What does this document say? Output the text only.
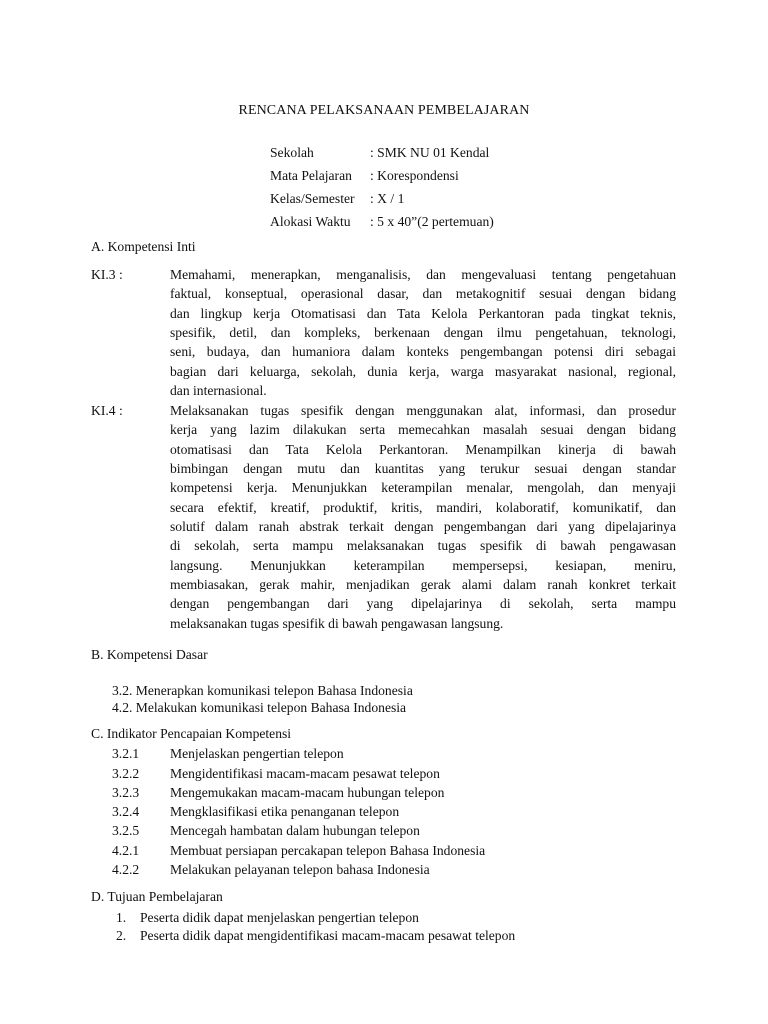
RENCANA PELAKSANAAN PEMBELAJARAN
Sekolah	: SMK NU 01 Kendal
Mata Pelajaran : Korespondensi
Kelas/Semester : X / 1
Alokasi Waktu : 5 x 40”(2 pertemuan)
A. Kompetensi Inti
KI.3 :	Memahami, menerapkan, menganalisis, dan mengevaluasi tentang pengetahuan
faktual, konseptual, operasional dasar, dan metakognitif sesuai dengan bidang
dan lingkup kerja Otomatisasi dan Tata Kelola Perkantoran pada tingkat teknis,
spesifik, detil, dan kompleks, berkenaan dengan ilmu pengetahuan, teknologi,
seni, budaya, dan humaniora dalam konteks pengembangan potensi diri sebagai
bagian dari keluarga, sekolah, dunia kerja, warga masyarakat nasional, regional,
dan internasional.
KI.4 :	Melaksanakan tugas spesifik dengan menggunakan alat, informasi, dan prosedur
kerja yang lazim dilakukan serta memecahkan masalah sesuai dengan bidang
otomatisasi dan Tata Kelola Perkantoran. Menampilkan kinerja di bawah
bimbingan dengan mutu dan kuantitas yang terukur sesuai dengan standar
kompetensi kerja. Menunjukkan keterampilan menalar, mengolah, dan menyaji
secara efektif, kreatif, produktif, kritis, mandiri, kolaboratif, komunikatif, dan
solutif dalam ranah abstrak terkait dengan pengembangan dari yang dipelajarinya
di sekolah, serta mampu melaksanakan tugas spesifik di bawah pengawasan
langsung. Menunjukkan keterampilan mempersepsi, kesiapan, meniru,
membiasakan, gerak mahir, menjadikan gerak alami dalam ranah konkret terkait
dengan pengembangan dari yang dipelajarinya di sekolah, serta mampu
melaksanakan tugas spesifik di bawah pengawasan langsung.
B. Kompetensi Dasar
3.2. Menerapkan komunikasi telepon Bahasa Indonesia
4.2. Melakukan komunikasi telepon Bahasa Indonesia
C. Indikator Pencapaian Kompetensi
3.2.1 Menjelaskan pengertian telepon
3.2.2 Mengidentifikasi macam-macam pesawat telepon
3.2.3 Mengemukakan macam-macam hubungan telepon
3.2.4 Mengklasifikasi etika penanganan telepon
3.2.5 Mencegah hambatan dalam hubungan telepon
4.2.1 Membuat persiapan percakapan telepon Bahasa Indonesia
4.2.2 Melakukan pelayanan telepon bahasa Indonesia
D. Tujuan Pembelajaran
1. Peserta didik dapat menjelaskan pengertian telepon
2. Peserta didik dapat mengidentifikasi macam-macam pesawat telepon
